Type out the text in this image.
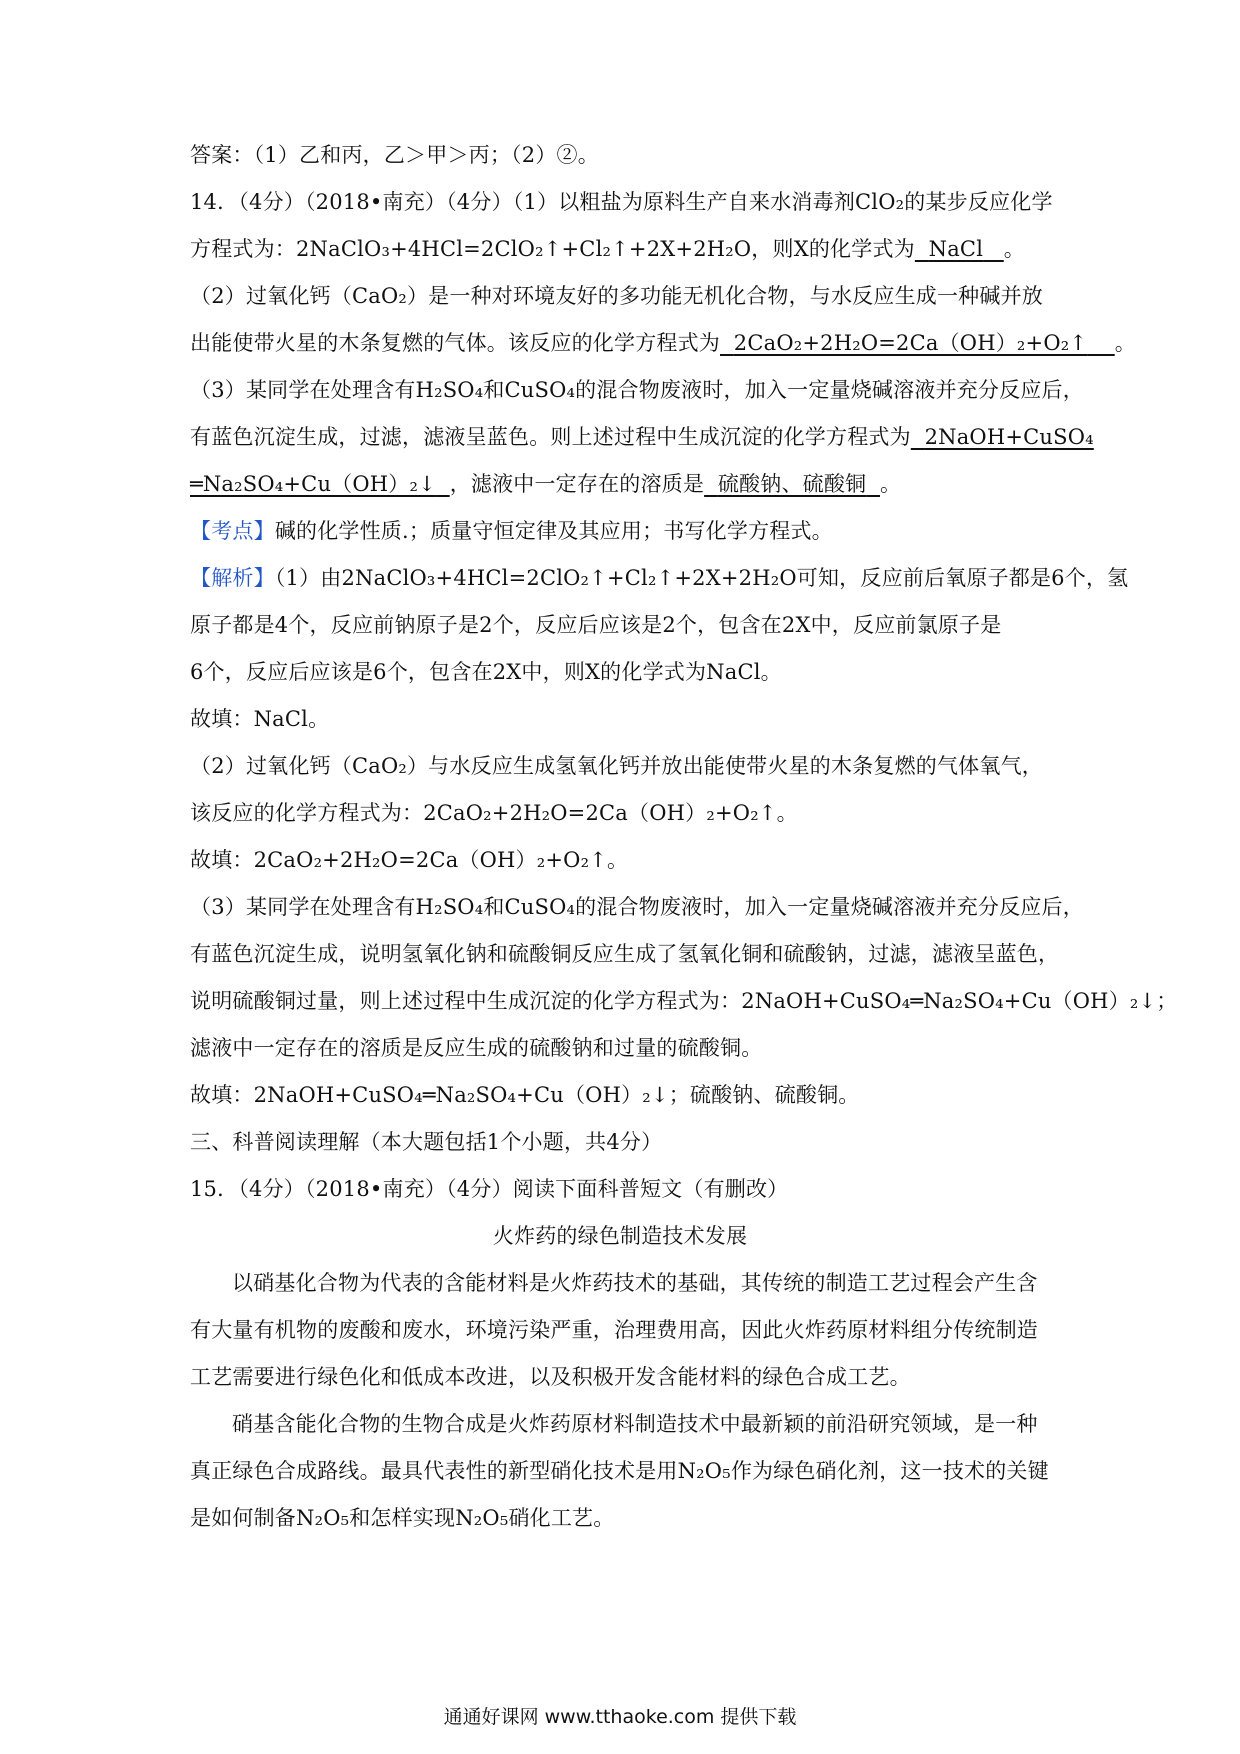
答案：（1）乙和丙，乙＞甲＞丙；（2）②。
14．（4分）（2018•南充）（4分）（1）以粗盐为原料生产自来水消毒剂ClO₂的某步反应化学
方程式为：2NaClO₃+4HCl=2ClO₂↑+Cl₂↑+2X+2H₂O，则X的化学式为 NaCl 。
（2）过氧化钙（CaO₂）是一种对环境友好的多功能无机化合物，与水反应生成一种碱并放
出能使带火星的木条复燃的气体。该反应的化学方程式为 2CaO₂+2H₂O=2Ca（OH）₂+O₂↑ 。
（3）某同学在处理含有H₂SO₄和CuSO₄的混合物废液时，加入一定量烧碱溶液并充分反应后，
有蓝色沉淀生成，过滤，滤液呈蓝色。则上述过程中生成沉淀的化学方程式为 2NaOH+CuSO₄
═Na₂SO₄+Cu（OH）₂↓ ，滤液中一定存在的溶质是 硫酸钠、硫酸铜 。
【考点】碱的化学性质.；质量守恒定律及其应用；书写化学方程式。
【解析】（1）由2NaClO₃+4HCl=2ClO₂↑+Cl₂↑+2X+2H₂O可知，反应前后氧原子都是6个，氢
原子都是4个，反应前钠原子是2个，反应后应该是2个，包含在2X中，反应前氯原子是
6个，反应后应该是6个，包含在2X中，则X的化学式为NaCl。
故填：NaCl。
（2）过氧化钙（CaO₂）与水反应生成氢氧化钙并放出能使带火星的木条复燃的气体氧气，
该反应的化学方程式为：2CaO₂+2H₂O=2Ca（OH）₂+O₂↑。
故填：2CaO₂+2H₂O=2Ca（OH）₂+O₂↑。
（3）某同学在处理含有H₂SO₄和CuSO₄的混合物废液时，加入一定量烧碱溶液并充分反应后，
有蓝色沉淀生成，说明氢氧化钠和硫酸铜反应生成了氢氧化铜和硫酸钠，过滤，滤液呈蓝色，
说明硫酸铜过量，则上述过程中生成沉淀的化学方程式为：2NaOH+CuSO₄═Na₂SO₄+Cu（OH）₂↓；
滤液中一定存在的溶质是反应生成的硫酸钠和过量的硫酸铜。
故填：2NaOH+CuSO₄═Na₂SO₄+Cu（OH）₂↓；硫酸钠、硫酸铜。
三、科普阅读理解（本大题包括1个小题，共4分）
15．（4分）（2018•南充）（4分）阅读下面科普短文（有删改）
火炸药的绿色制造技术发展
以硝基化合物为代表的含能材料是火炸药技术的基础，其传统的制造工艺过程会产生含
有大量有机物的废酸和废水，环境污染严重，治理费用高，因此火炸药原材料组分传统制造
工艺需要进行绿色化和低成本改进，以及积极开发含能材料的绿色合成工艺。
硝基含能化合物的生物合成是火炸药原材料制造技术中最新颖的前沿研究领域，是一种
真正绿色合成路线。最具代表性的新型硝化技术是用N₂O₅作为绿色硝化剂，这一技术的关键
是如何制备N₂O₅和怎样实现N₂O₅硝化工艺。
通通好课网 www.tthaoke.com 提供下载
